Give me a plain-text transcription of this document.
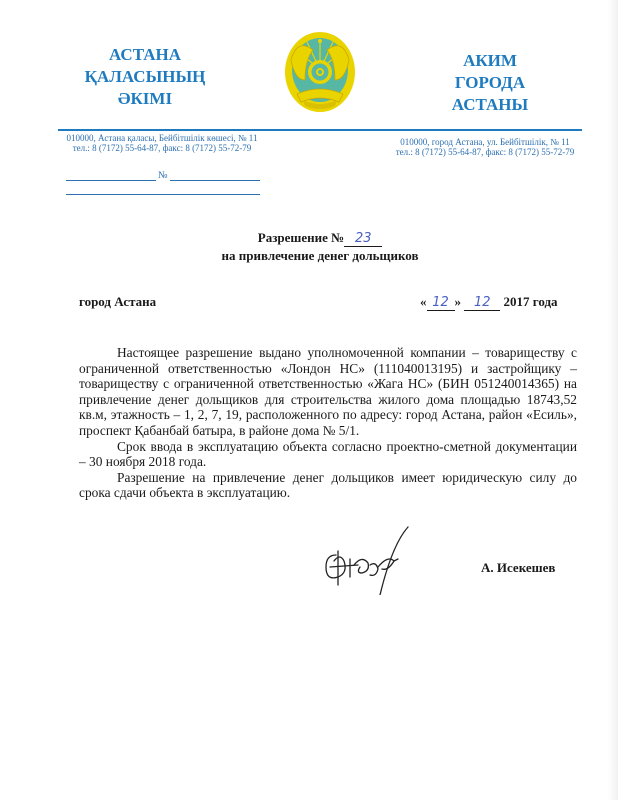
АСТАНА
ҚАЛАСЫНЫҢ
ӘКІМІ
АКИМ
ГОРОДА
АСТАНЫ
010000, Астана қаласы, Бейбітшілік көшесі, № 11
тел.: 8 (7172) 55-64-87, факс: 8 (7172) 55-72-79
010000, город Астана, ул. Бейбітшілік, № 11
тел.: 8 (7172) 55-64-87, факс: 8 (7172) 55-72-79
№
Разрешение № 23
на привлечение денег дольщиков
город Астана	« 12 » 12 2017 года

Настоящее разрешение выдано уполномоченной компании – товариществу с ограниченной ответственностью «Лондон НС» (111040013195) и застройщику – товариществу с ограниченной ответственностью «Жага НС» (БИН 051240014365) на привлечение денег дольщиков для строительства жилого дома площадью 18743,52 кв.м, этажность – 1, 2, 7, 19, расположенного по адресу: город Астана, район «Есиль», проспект Қабанбай батыра, в районе дома № 5/1.

Срок ввода в эксплуатацию объекта согласно проектно-сметной документации – 30 ноября 2018 года.

Разрешение на привлечение денег дольщиков имеет юридическую силу до срока сдачи объекта в эксплуатацию.

А. Исекешев
